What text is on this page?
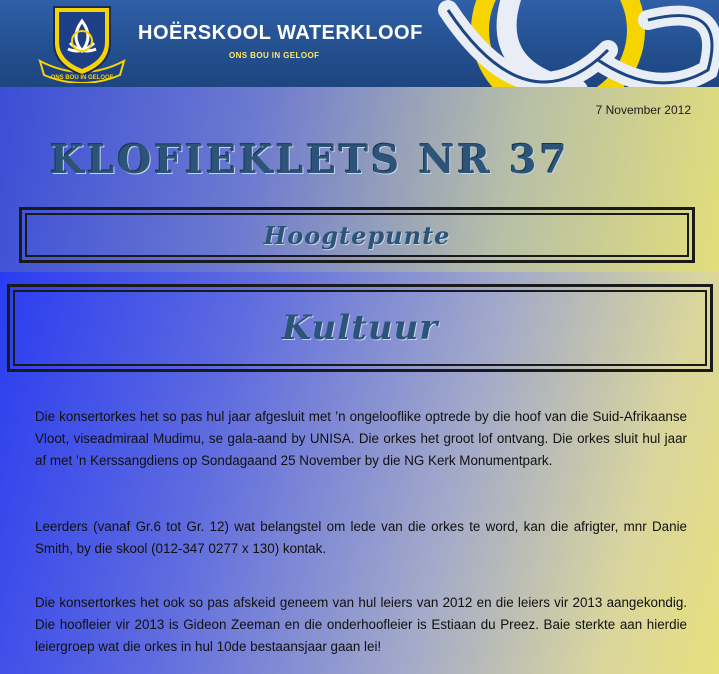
ONS BOU IN GELOOF
HOËRSKOOL WATERKLOOF
ONS BOU IN GELOOF
7 November 2012
KLOFIEKLETS NR 37
Hoogtepunte
Kultuur

Die konsertorkes het so pas hul jaar afgesluit met ’n ongelooflike optrede by die hoof van die Suid-Afrikaanse Vloot, viseadmiraal Mudimu, se gala-aand by UNISA. Die orkes het groot lof ontvang. Die orkes sluit hul jaar af met ’n Kerssangdiens op Sondagaand 25 November by die NG Kerk Monumentpark.

Leerders (vanaf Gr.6 tot Gr. 12) wat belangstel om lede van die orkes te word, kan die afrigter, mnr Danie Smith, by die skool (012-347 0277 x 130) kontak.

Die konsertorkes het ook so pas afskeid geneem van hul leiers van 2012 en die leiers vir 2013 aangekondig. Die hoofleier vir 2013 is Gideon Zeeman en die onderhoofleier is Estiaan du Preez. Baie sterkte aan hierdie leiergroep wat die orkes in hul 10de bestaansjaar gaan lei!
